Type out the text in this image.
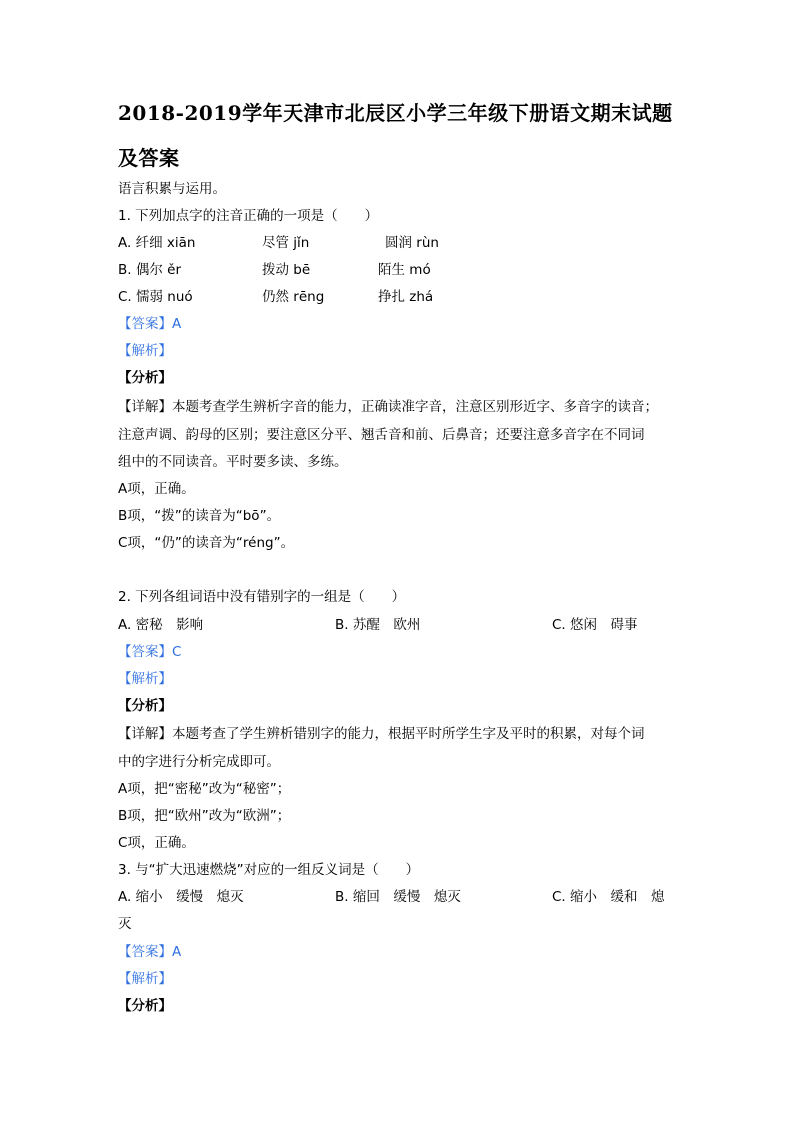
2018-2019学年天津市北辰区小学三年级下册语文期末试题
及答案
语言积累与运用。
1. 下列加点字的注音正确的一项是（　　）
A. 纤细 xiān	尽管 jǐn	圆润 rùn
B. 偶尔 ěr	拨动 bē	陌生 mó
C. 懦弱 nuó	仍然 rēng	挣扎 zhá
【答案】A
【解析】
【分析】
【详解】本题考查学生辨析字音的能力，正确读准字音，注意区别形近字、多音字的读音；
注意声调、韵母的区别；要注意区分平、翘舌音和前、后鼻音；还要注意多音字在不同词
组中的不同读音。平时要多读、多练。
A项，正确。
B项，“拨”的读音为“bō”。
C项，“仍”的读音为“réng”。
2. 下列各组词语中没有错别字的一组是（　　）
A. 密秘　影响	B. 苏醒　欧州	C. 悠闲　碍事
【答案】C
【解析】
【分析】
【详解】本题考查了学生辨析错别字的能力，根据平时所学生字及平时的积累，对每个词
中的字进行分析完成即可。
A项，把“密秘”改为“秘密”；
B项，把“欧州”改为“欧洲”；
C项，正确。
3. 与“扩大迅速燃烧”对应的一组反义词是（　　）
A. 缩小　缓慢　熄灭	B. 缩回　缓慢　熄灭	C. 缩小　缓和　熄
灭
【答案】A
【解析】
【分析】
